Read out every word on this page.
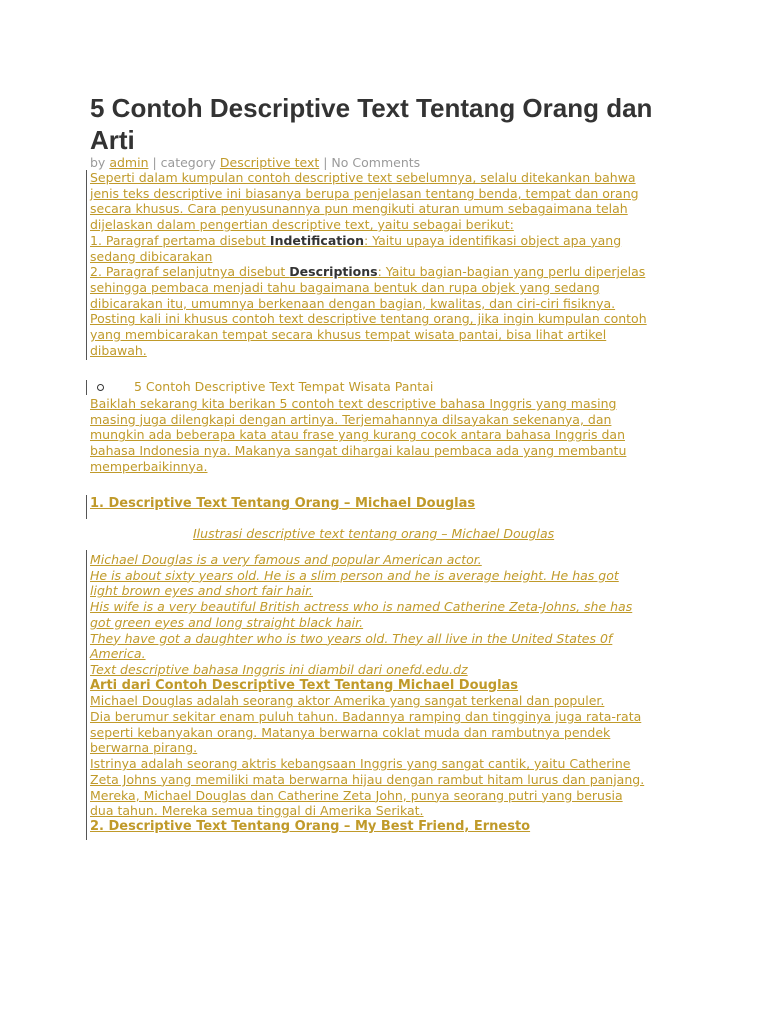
5 Contoh Descriptive Text Tentang Orang dan Arti
by admin | category Descriptive text | No Comments
Seperti dalam kumpulan contoh descriptive text sebelumnya, selalu ditekankan bahwa
jenis teks descriptive ini biasanya berupa penjelasan tentang benda, tempat dan orang
secara khusus. Cara penyusunannya pun mengikuti aturan umum sebagaimana telah
dijelaskan dalam pengertian descriptive text, yaitu sebagai berikut:
1. Paragraf pertama disebut Indetification: Yaitu upaya identifikasi object apa yang
sedang dibicarakan
2. Paragraf selanjutnya disebut Descriptions: Yaitu bagian-bagian yang perlu diperjelas
sehingga pembaca menjadi tahu bagaimana bentuk dan rupa objek yang sedang
dibicarakan itu, umumnya berkenaan dengan bagian, kwalitas, dan ciri-ciri fisiknya.
Posting kali ini khusus contoh text descriptive tentang orang, jika ingin kumpulan contoh
yang membicarakan tempat secara khusus tempat wisata pantai, bisa lihat artikel
dibawah.
5 Contoh Descriptive Text Tempat Wisata Pantai
Baiklah sekarang kita berikan 5 contoh text descriptive bahasa Inggris yang masing
masing juga dilengkapi dengan artinya. Terjemahannya dilsayakan sekenanya, dan
mungkin ada beberapa kata atau frase yang kurang cocok antara bahasa Inggris dan
bahasa Indonesia nya. Makanya sangat dihargai kalau pembaca ada yang membantu
memperbaikinnya.
1. Descriptive Text Tentang Orang – Michael Douglas
Ilustrasi descriptive text tentang orang – Michael Douglas
Michael Douglas is a very famous and popular American actor.
He is about sixty years old. He is a slim person and he is average height. He has got
light brown eyes and short fair hair.
His wife is a very beautiful British actress who is named Catherine Zeta-Johns, she has
got green eyes and long straight black hair.
They have got a daughter who is two years old. They all live in the United States 0f
America.
Text descriptive bahasa Inggris ini diambil dari onefd.edu.dz
Arti dari Contoh Descriptive Text Tentang Michael Douglas
Michael Douglas adalah seorang aktor Amerika yang sangat terkenal dan populer.
Dia berumur sekitar enam puluh tahun. Badannya ramping dan tingginya juga rata-rata
seperti kebanyakan orang. Matanya berwarna coklat muda dan rambutnya pendek
berwarna pirang.
Istrinya adalah seorang aktris kebangsaan Inggris yang sangat cantik, yaitu Catherine
Zeta Johns yang memiliki mata berwarna hijau dengan rambut hitam lurus dan panjang.
Mereka, Michael Douglas dan Catherine Zeta John, punya seorang putri yang berusia
dua tahun. Mereka semua tinggal di Amerika Serikat.
2. Descriptive Text Tentang Orang – My Best Friend, Ernesto
